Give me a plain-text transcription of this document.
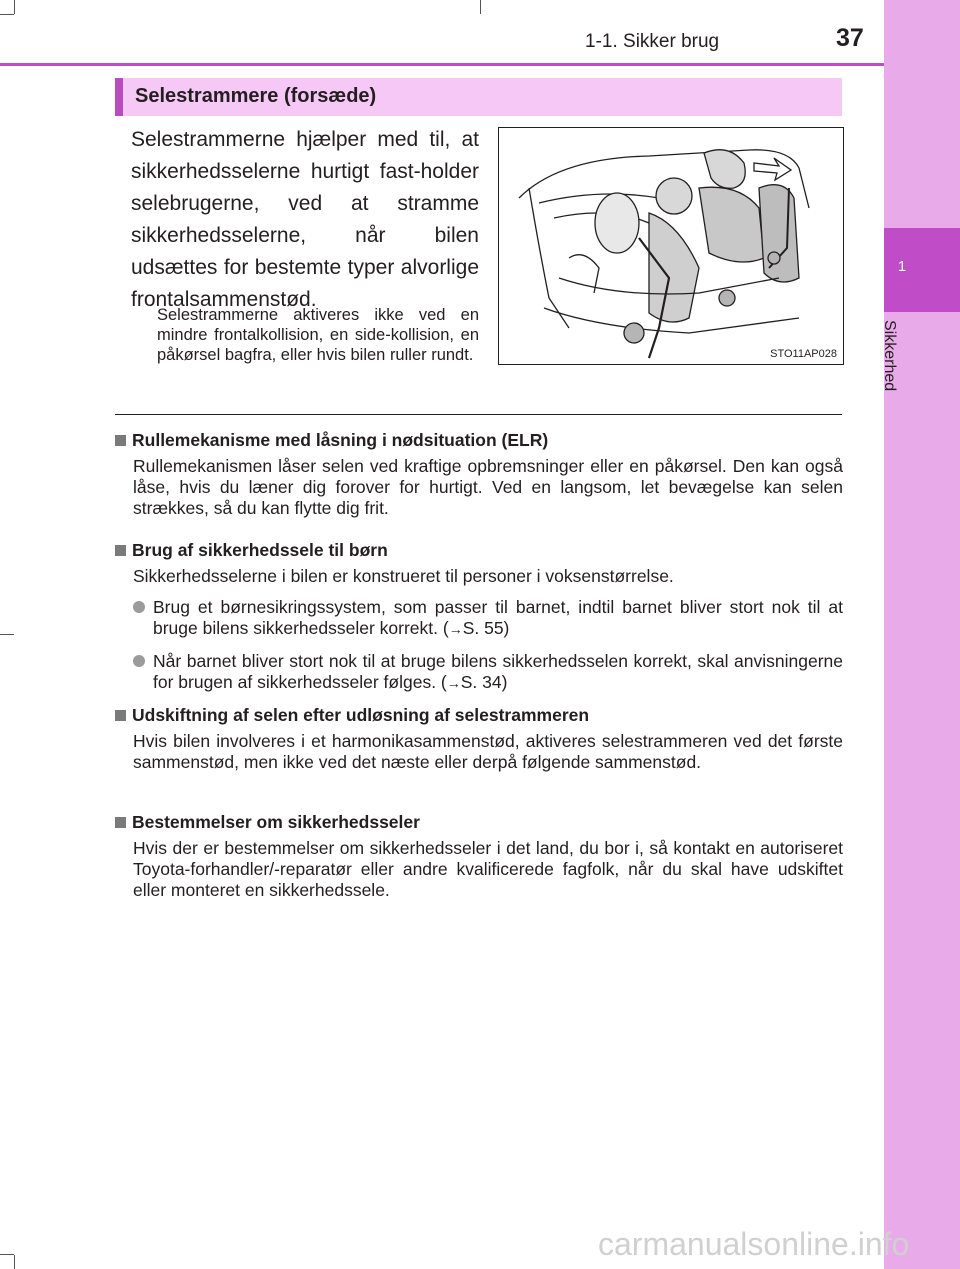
1
Sikkerhed
1-1. Sikker brug	37
Selestrammere (forsæde)
Selestrammerne hjælper med til, at sikkerhedsselerne hurtigt fast-holder selebrugerne, ved at stramme sikkerhedsselerne, når bilen udsættes for bestemte typer alvorlige frontalsammenstød.
Selestrammerne aktiveres ikke ved en mindre frontalkollision, en side-kollision, en påkørsel bagfra, eller hvis bilen ruller rundt.	STO11AP028
Rullemekanisme med låsning i nødsituation (ELR)
Rullemekanismen låser selen ved kraftige opbremsninger eller en påkørsel. Den kan også låse, hvis du læner dig forover for hurtigt. Ved en langsom, let bevægelse kan selen strækkes, så du kan flytte dig frit.
Brug af sikkerhedssele til børn
Sikkerhedsselerne i bilen er konstrueret til personer i voksenstørrelse.
Brug et børnesikringssystem, som passer til barnet, indtil barnet bliver stort nok til at bruge bilens sikkerhedsseler korrekt. (→S. 55)
Når barnet bliver stort nok til at bruge bilens sikkerhedsselen korrekt, skal anvisningerne for brugen af sikkerhedsseler følges. (→S. 34)
Udskiftning af selen efter udløsning af selestrammeren
Hvis bilen involveres i et harmonikasammenstød, aktiveres selestrammeren ved det første sammenstød, men ikke ved det næste eller derpå følgende sammenstød.
Bestemmelser om sikkerhedsseler
Hvis der er bestemmelser om sikkerhedsseler i det land, du bor i, så kontakt en autoriseret Toyota-forhandler/-reparatør eller andre kvalificerede fagfolk, når du skal have udskiftet eller monteret en sikkerhedssele.
carmanualsonline.info
